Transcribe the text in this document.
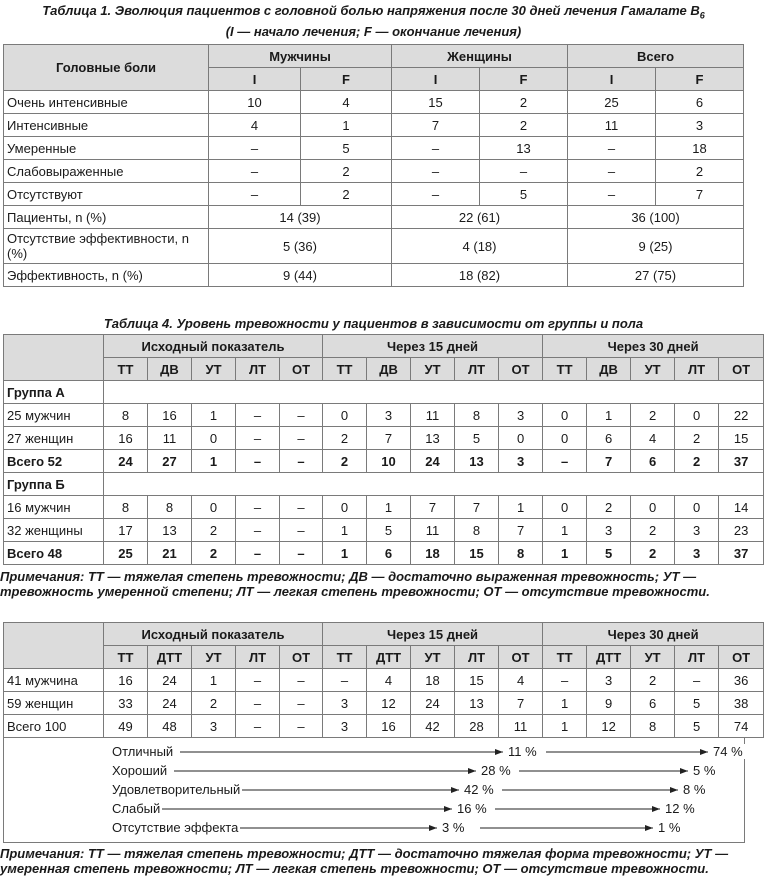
Таблица 1. Эволюция пациентов с головной болью напряжения после 30 дней лечения Гамалате $B_6$
(I — начало лечения; F — окончание лечения)
Головные боли	Мужчины		Женщины		Всего	
	I	F	I	F	I	F
Очень интенсивные	10	4	15	2	25	6
Интенсивные	4	1	7	2	11	3
Умеренные	–	5	–	13	–	18
Слабовыраженные	–	2	–	–	–	2
Отсутствуют	–	2	–	5	–	7
Пациенты, n (%)	14 (39)		22 (61)		36 (100)	
Отсутствие эффективности, n (%)	5 (36)		4 (18)		9 (25)	
Эффективность, n (%)	9 (44)		18 (82)		27 (75)	
Таблица 4. Уровень тревожности у пациентов в зависимости от группы и пола
	Исходный показатель					Через 15 дней					Через 30 дней				
	ТТ	ДВ	УТ	ЛТ	ОТ	ТТ	ДВ	УТ	ЛТ	ОТ	ТТ	ДВ	УТ	ЛТ	ОТ
Группа А															
25 мужчин	8	16	1	–	–	0	3	11	8	3	0	1	2	0	22
27 женщин	16	11	0	–	–	2	7	13	5	0	0	6	4	2	15
Всего 52	24	27	1	–	–	2	10	24	13	3	–	7	6	2	37
Группа Б															
16 мужчин	8	8	0	–	–	0	1	7	7	1	0	2	0	0	14
32 женщины	17	13	2	–	–	1	5	11	8	7	1	3	2	3	23
Всего 48	25	21	2	–	–	1	6	18	15	8	1	5	2	3	37
Примечания: ТТ — тяжелая степень тревожности; ДВ — достаточно выраженная тревожность; УТ —
тревожность умеренной степени; ЛТ — легкая степень тревожности; ОТ — отсутствие тревожности.
	Исходный показатель					Через 15 дней					Через 30 дней				
	ТТ	ДТТ	УТ	ЛТ	ОТ	ТТ	ДТТ	УТ	ЛТ	ОТ	ТТ	ДТТ	УТ	ЛТ	ОТ
41 мужчина	16	24	1	–	–	–	4	18	15	4	–	3	2	–	36
59 женщин	33	24	2	–	–	3	12	24	13	7	1	9	6	5	38
Всего 100	49	48	3	–	–	3	16	42	28	11	1	12	8	5	74
Отличный	11 %	74 %
Хороший	28 %	5 %
Удовлетворительный	42 %	8 %
Слабый	16 %	12 %
Отсутствие эффекта	3 %	1 %
Примечания: ТТ — тяжелая степень тревожности; ДТТ — достаточно тяжелая форма тревожности; УТ —
умеренная степень тревожности; ЛТ — легкая степень тревожности; ОТ — отсутствие тревожности.
